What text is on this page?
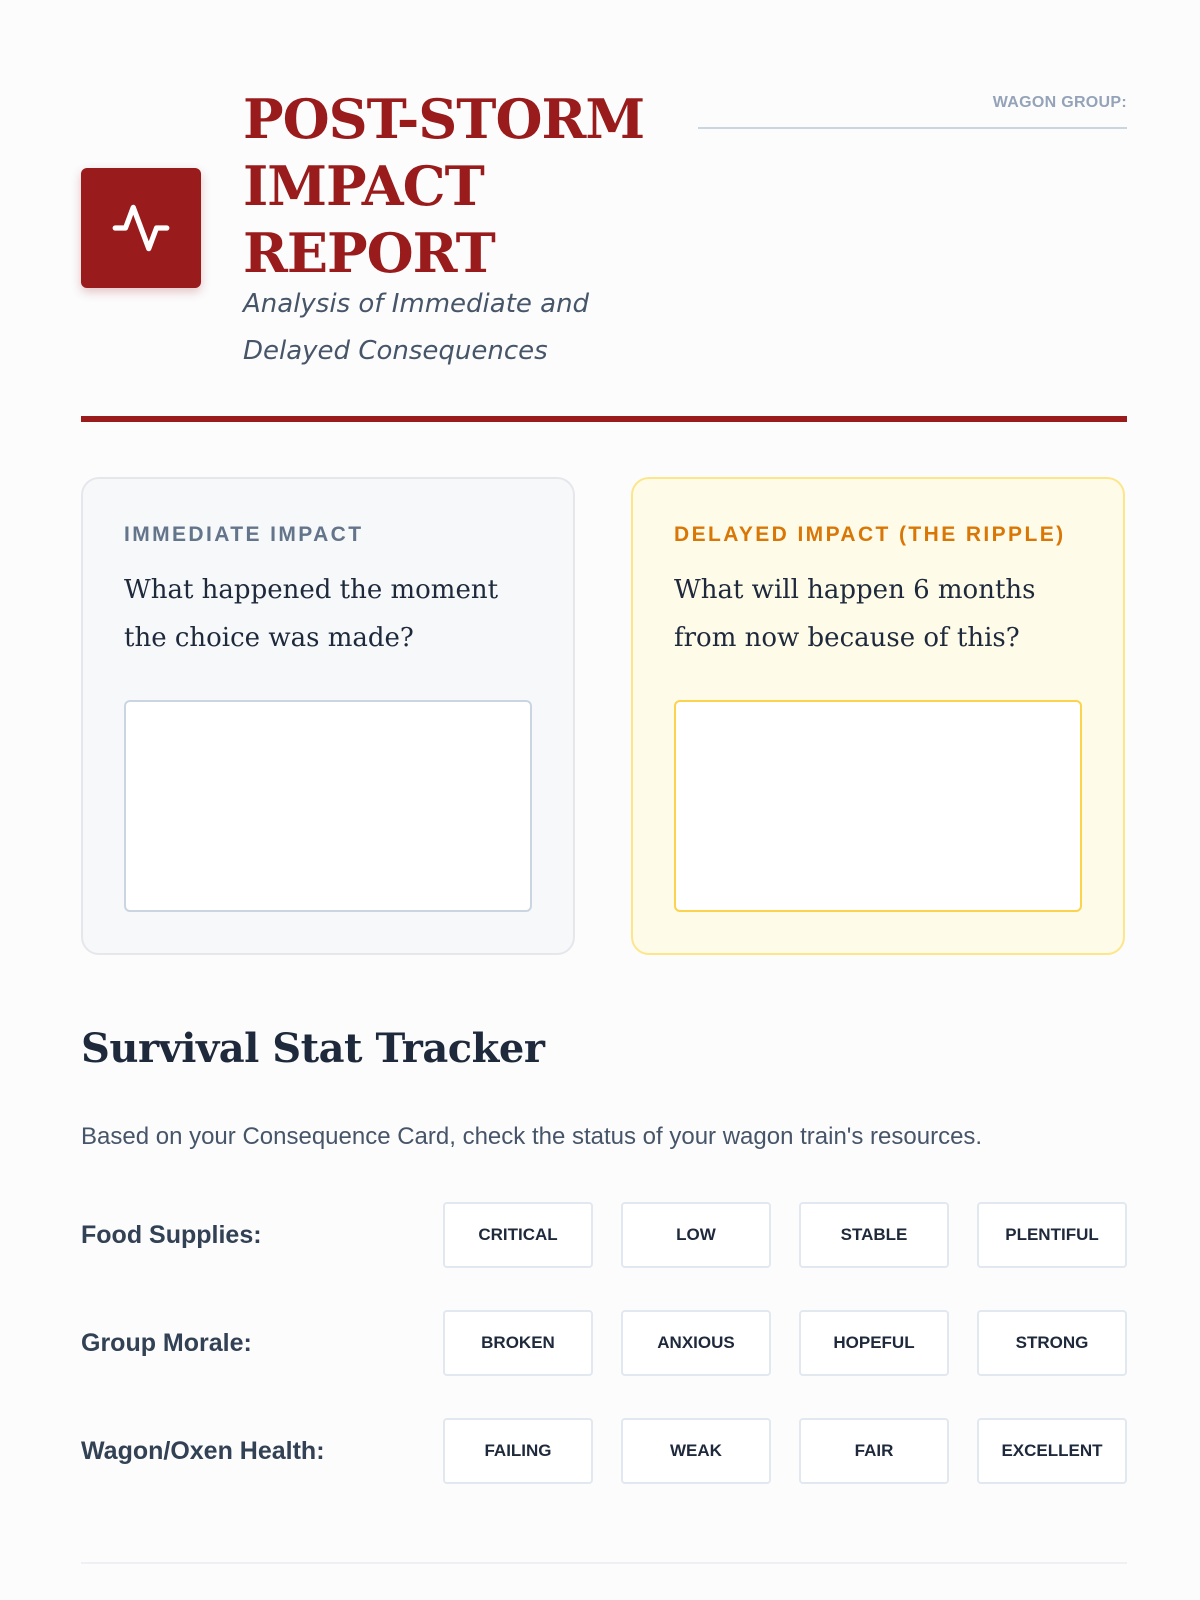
POST-STORM IMPACT REPORT

Analysis of Immediate and Delayed Consequences

WAGON GROUP:
IMMEDIATE IMPACT
What happened the moment the choice was made?
DELAYED IMPACT (THE RIPPLE)
What will happen 6 months from now because of this?
Survival Stat Tracker

Based on your Consequence Card, check the status of your wagon train's resources.

Food Supplies:	CRITICAL	LOW	STABLE	PLENTIFUL
Group Morale:	BROKEN	ANXIOUS	HOPEFUL	STRONG
Wagon/Oxen Health:	FAILING	WEAK	FAIR	EXCELLENT
